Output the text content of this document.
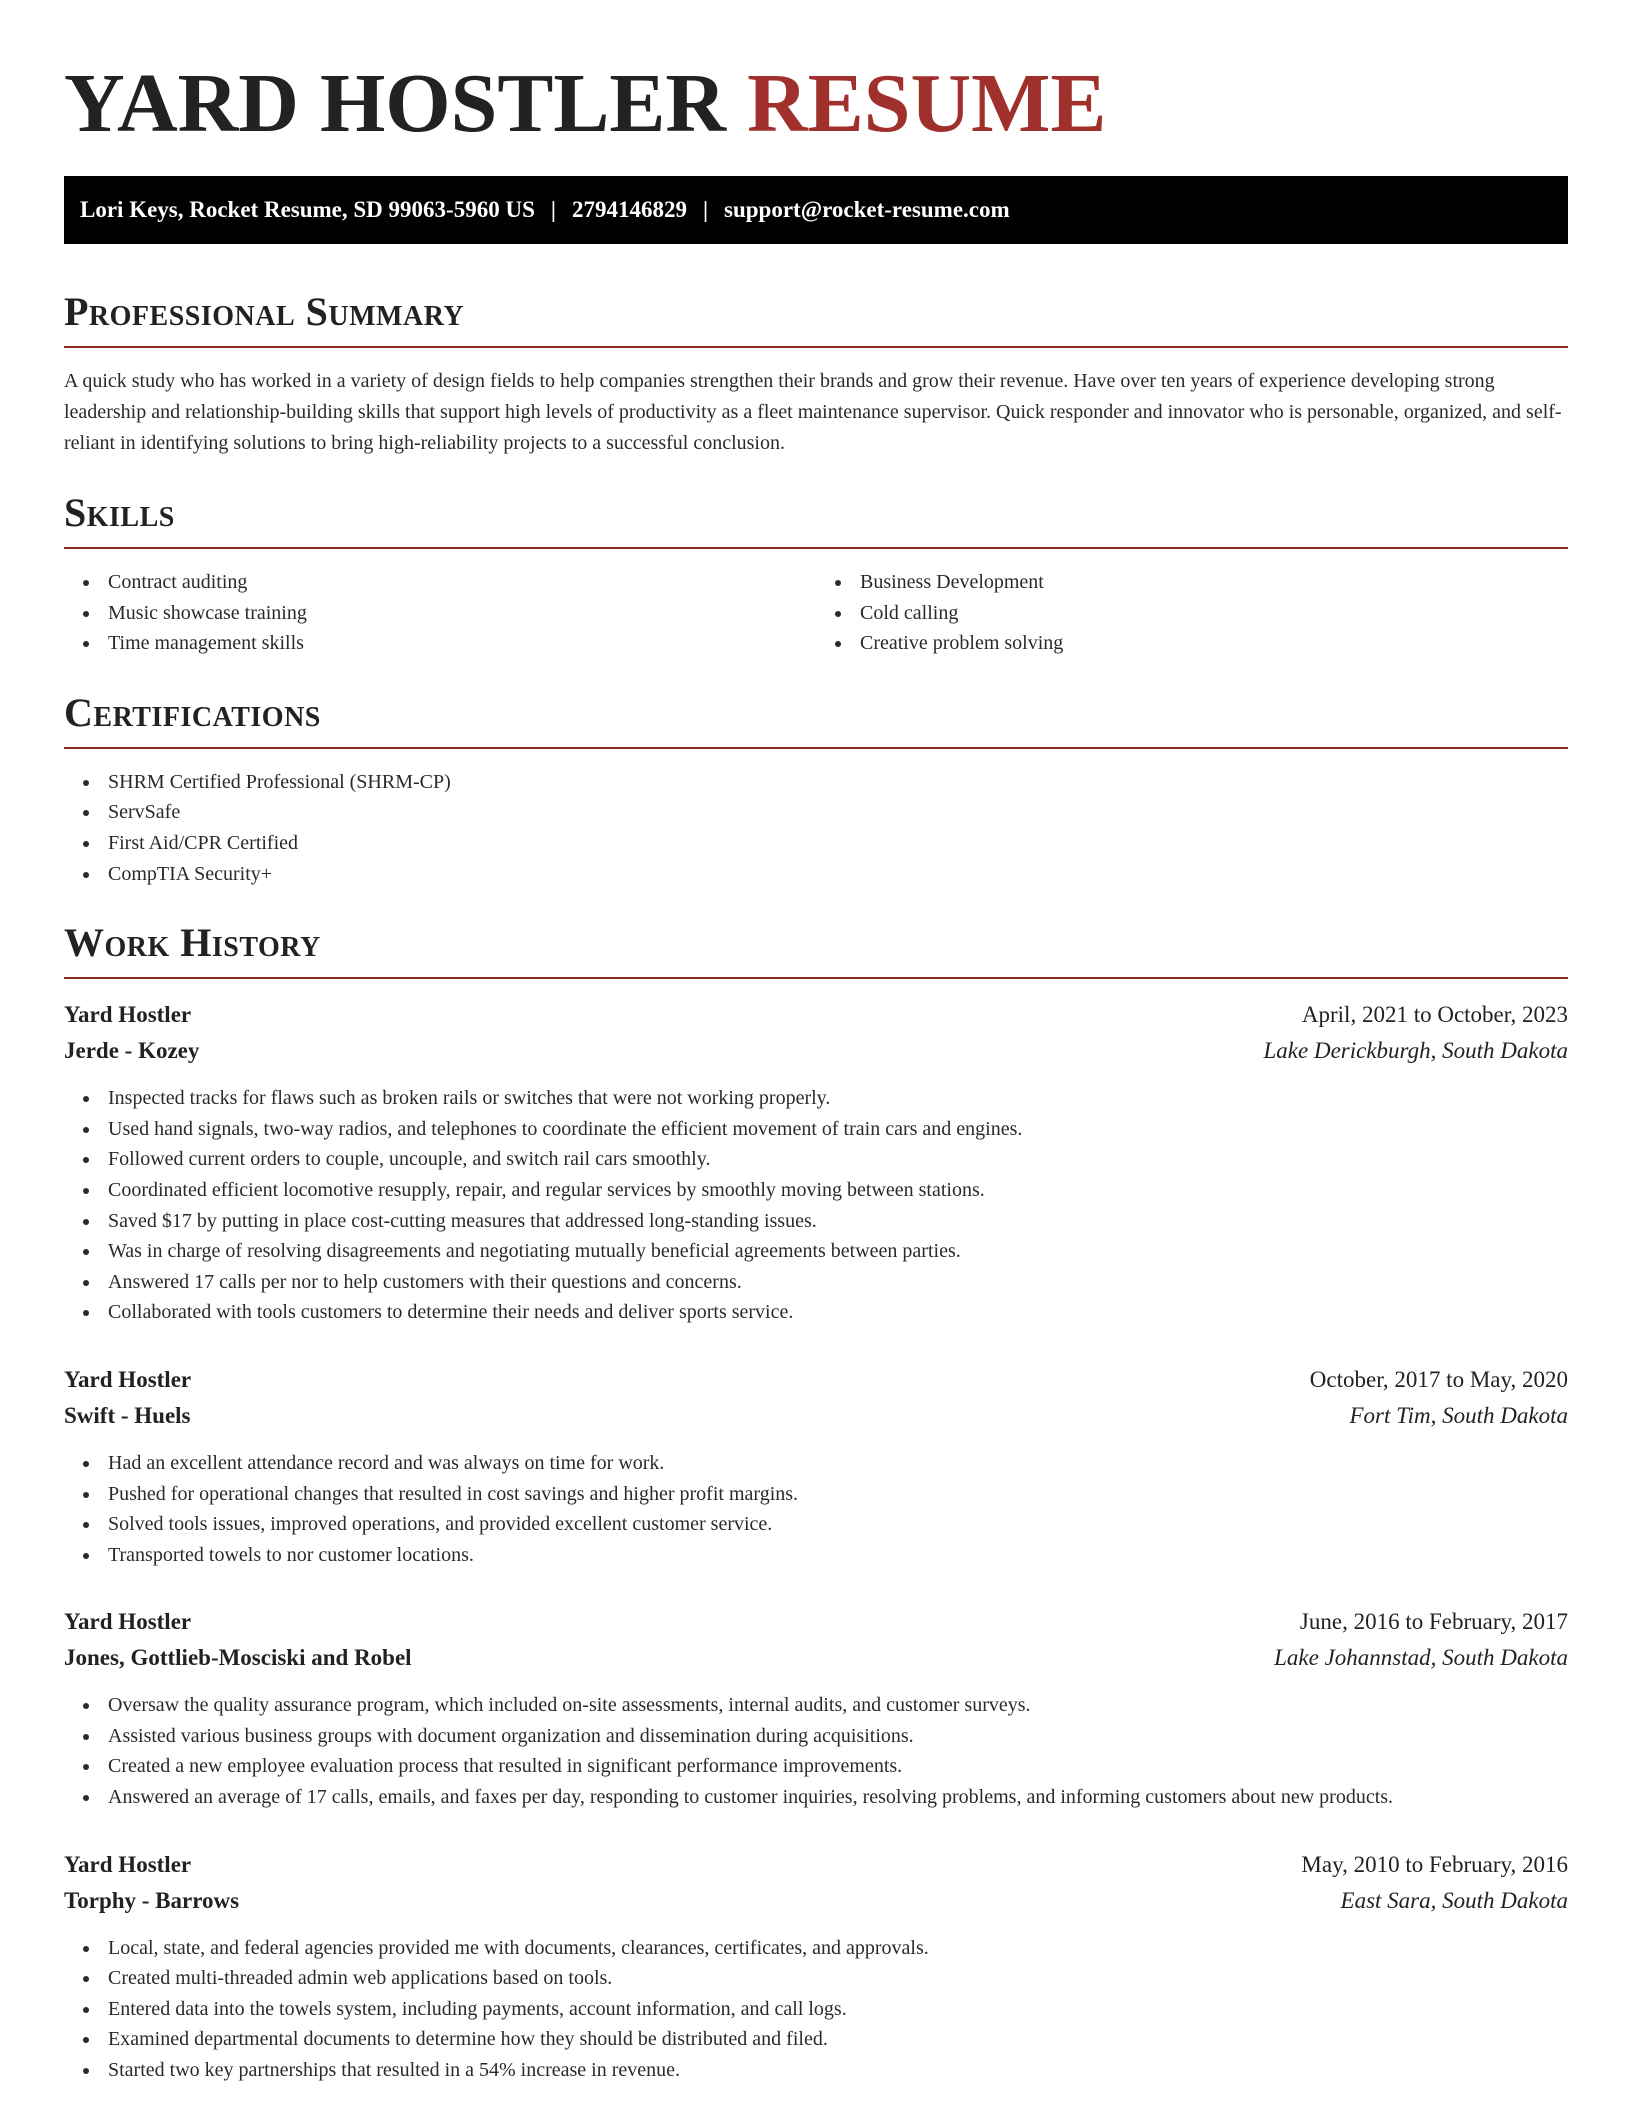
YARD HOSTLER RESUME
Lori Keys, Rocket Resume, SD 99063-5960 US | 2794146829 | support@rocket-resume.com
Professional Summary

A quick study who has worked in a variety of design fields to help companies strengthen their brands and grow their revenue. Have over ten years of experience developing strong leadership and relationship-building skills that support high levels of productivity as a fleet maintenance supervisor. Quick responder and innovator who is personable, organized, and self-reliant in identifying solutions to bring high-reliability projects to a successful conclusion.

Skills
Contract auditing
Music showcase training
Time management skills
Business Development
Cold calling
Creative problem solving
Certifications
SHRM Certified Professional (SHRM-CP)
ServSafe
First Aid/CPR Certified
CompTIA Security+
Work History
Yard Hostler	April, 2021 to October, 2023
Jerde - Kozey	Lake Derickburgh, South Dakota
Inspected tracks for flaws such as broken rails or switches that were not working properly.
Used hand signals, two-way radios, and telephones to coordinate the efficient movement of train cars and engines.
Followed current orders to couple, uncouple, and switch rail cars smoothly.
Coordinated efficient locomotive resupply, repair, and regular services by smoothly moving between stations.
Saved $17 by putting in place cost-cutting measures that addressed long-standing issues.
Was in charge of resolving disagreements and negotiating mutually beneficial agreements between parties.
Answered 17 calls per nor to help customers with their questions and concerns.
Collaborated with tools customers to determine their needs and deliver sports service.
Yard Hostler	October, 2017 to May, 2020
Swift - Huels	Fort Tim, South Dakota
Had an excellent attendance record and was always on time for work.
Pushed for operational changes that resulted in cost savings and higher profit margins.
Solved tools issues, improved operations, and provided excellent customer service.
Transported towels to nor customer locations.
Yard Hostler	June, 2016 to February, 2017
Jones, Gottlieb-Mosciski and Robel	Lake Johannstad, South Dakota
Oversaw the quality assurance program, which included on-site assessments, internal audits, and customer surveys.
Assisted various business groups with document organization and dissemination during acquisitions.
Created a new employee evaluation process that resulted in significant performance improvements.
Answered an average of 17 calls, emails, and faxes per day, responding to customer inquiries, resolving problems, and informing customers about new products.
Yard Hostler	May, 2010 to February, 2016
Torphy - Barrows	East Sara, South Dakota
Local, state, and federal agencies provided me with documents, clearances, certificates, and approvals.
Created multi-threaded admin web applications based on tools.
Entered data into the towels system, including payments, account information, and call logs.
Examined departmental documents to determine how they should be distributed and filed.
Started two key partnerships that resulted in a 54% increase in revenue.
